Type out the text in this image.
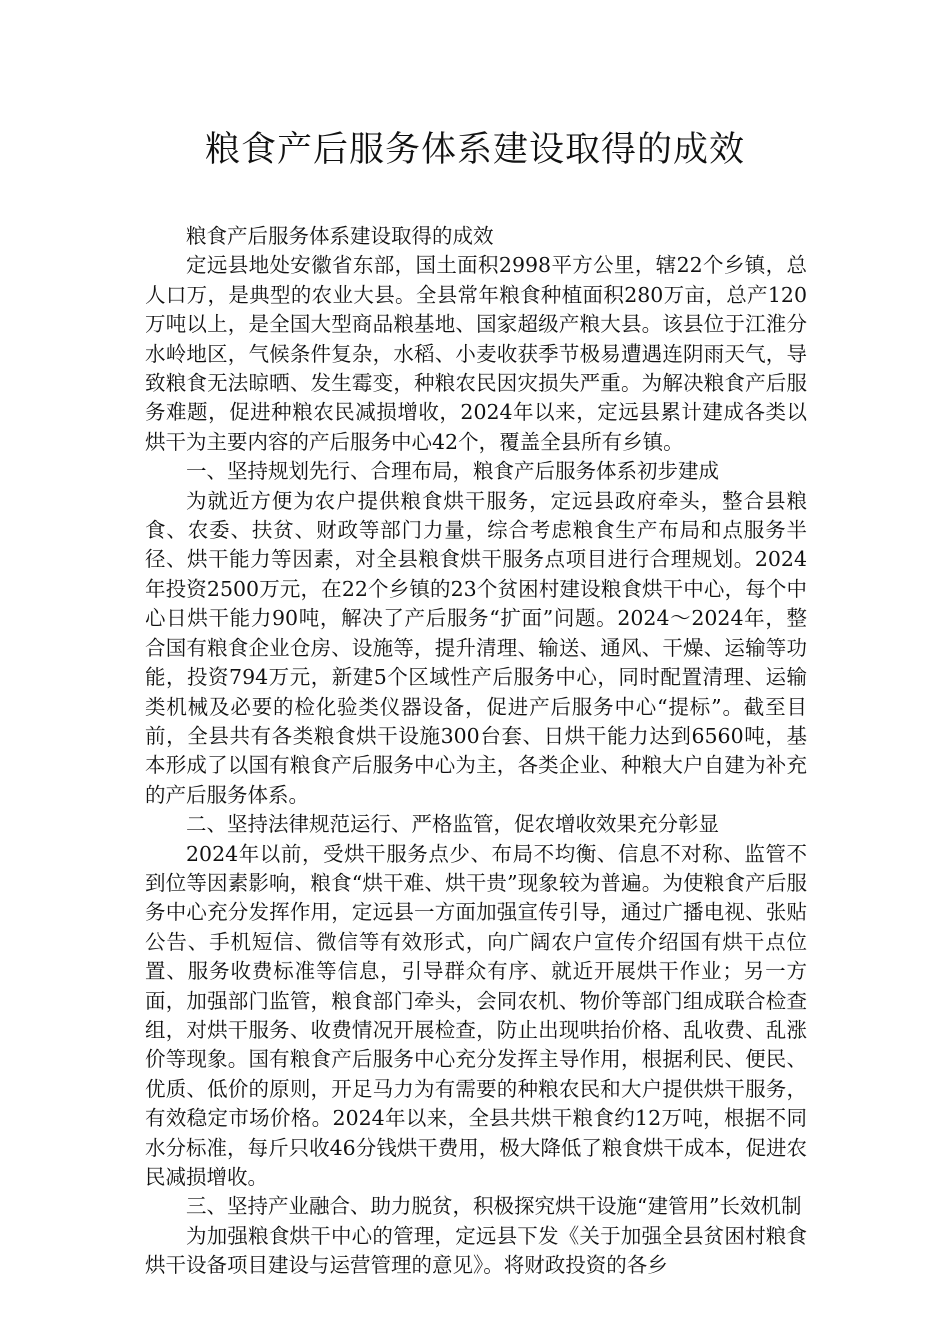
粮食产后服务体系建设取得的成效

粮食产后服务体系建设取得的成效

定远县地处安徽省东部，国土面积2998平方公里，辖22个乡镇，总人口万，是典型的农业大县。全县常年粮食种植面积280万亩，总产120万吨以上，是全国大型商品粮基地、国家超级产粮大县。该县位于江淮分水岭地区，气候条件复杂，水稻、小麦收获季节极易遭遇连阴雨天气，导致粮食无法晾晒、发生霉变，种粮农民因灾损失严重。为解决粮食产后服务难题，促进种粮农民减损增收，2024年以来，定远县累计建成各类以烘干为主要内容的产后服务中心42个，覆盖全县所有乡镇。

一、坚持规划先行、合理布局，粮食产后服务体系初步建成

为就近方便为农户提供粮食烘干服务，定远县政府牵头，整合县粮食、农委、扶贫、财政等部门力量，综合考虑粮食生产布局和点服务半径、烘干能力等因素，对全县粮食烘干服务点项目进行合理规划。2024年投资2500万元，在22个乡镇的23个贫困村建设粮食烘干中心，每个中心日烘干能力90吨，解决了产后服务“扩面”问题。2024～2024年，整合国有粮食企业仓房、设施等，提升清理、输送、通风、干燥、运输等功能，投资794万元，新建5个区域性产后服务中心，同时配置清理、运输类机械及必要的检化验类仪器设备，促进产后服务中心“提标”。截至目前，全县共有各类粮食烘干设施300台套、日烘干能力达到6560吨，基本形成了以国有粮食产后服务中心为主，各类企业、种粮大户自建为补充的产后服务体系。

二、坚持法律规范运行、严格监管，促农增收效果充分彰显

2024年以前，受烘干服务点少、布局不均衡、信息不对称、监管不到位等因素影响，粮食“烘干难、烘干贵”现象较为普遍。为使粮食产后服务中心充分发挥作用，定远县一方面加强宣传引导，通过广播电视、张贴公告、手机短信、微信等有效形式，向广阔农户宣传介绍国有烘干点位置、服务收费标准等信息，引导群众有序、就近开展烘干作业；另一方面，加强部门监管，粮食部门牵头，会同农机、物价等部门组成联合检查组，对烘干服务、收费情况开展检查，防止出现哄抬价格、乱收费、乱涨价等现象。国有粮食产后服务中心充分发挥主导作用，根据利民、便民、优质、低价的原则，开足马力为有需要的种粮农民和大户提供烘干服务，有效稳定市场价格。2024年以来，全县共烘干粮食约12万吨，根据不同水分标准，每斤只收46分钱烘干费用，极大降低了粮食烘干成本，促进农民减损增收。

三、坚持产业融合、助力脱贫，积极探究烘干设施“建管用”长效机制

为加强粮食烘干中心的管理，定远县下发《关于加强全县贫困村粮食烘干设备项目建设与运营管理的意见》。将财政投资的各乡
